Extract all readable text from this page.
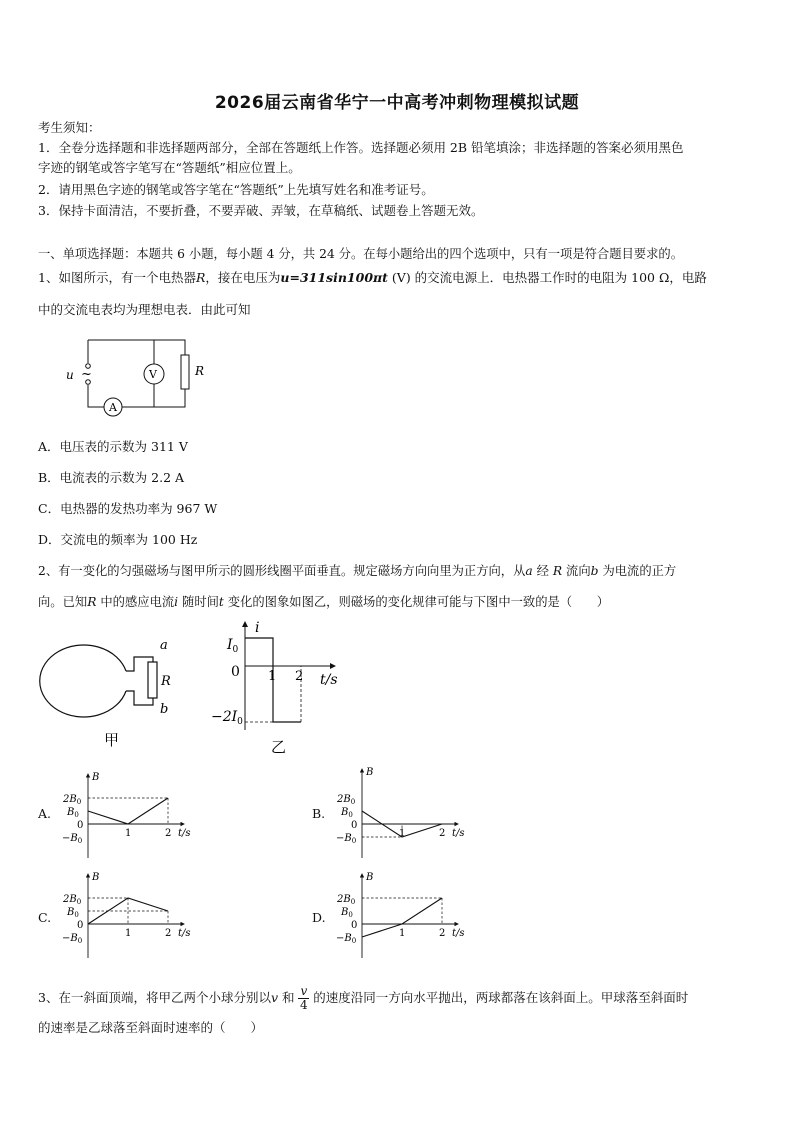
2026届云南省华宁一中高考冲刺物理模拟试题
考生须知：
1．全卷分选择题和非选择题两部分，全部在答题纸上作答。选择题必须用 2B 铅笔填涂；非选择题的答案必须用黑色
字迹的钢笔或答字笔写在“答题纸”相应位置上。
2．请用黑色字迹的钢笔或答字笔在“答题纸”上先填写姓名和准考证号。
3．保持卡面清洁，不要折叠，不要弄破、弄皱，在草稿纸、试题卷上答题无效。
一、单项选择题：本题共 6 小题，每小题 4 分，共 24 分。在每小题给出的四个选项中，只有一项是符合题目要求的。
1、如图所示，有一个电热器R，接在电压为u=311sin100πt (V) 的交流电源上．电热器工作时的电阻为 100 Ω，电路
中的交流电表均为理想电表．由此可知
u ~	V
A
R
A．电压表的示数为 311 V
B．电流表的示数为 2.2 A
C．电热器的发热功率为 967 W
D．交流电的频率为 100 Hz
2、有一变化的匀强磁场与图甲所示的圆形线圈平面垂直。规定磁场方向向里为正方向，从a 经 R 流向b 为电流的正方
向。已知R 中的感应电流i 随时间t 变化的图象如图乙，则磁场的变化规律可能与下图中一致的是（　　）
a
R
b
甲
i
$I_0$
0 1 2 t/s
$-2I_0$
乙
A.	B.
C.	D.
B
$2B_0$
$B_0$
0
$-B_0$
1	2 t/s
B
$2B_0$
$B_0$
0
$-B_0$
1	2 t/s
B
$2B_0$
$B_0$
0
$-B_0$
1	2 t/s
B
$2B_0$
$B_0$
0
$-B_0$
1	2 t/s
3、在一斜面顶端，将甲乙两个小球分别以v 和 $\frac{v}{4}$ 的速度沿同一方向水平抛出，两球都落在该斜面上。甲球落至斜面时
的速率是乙球落至斜面时速率的（　　）
